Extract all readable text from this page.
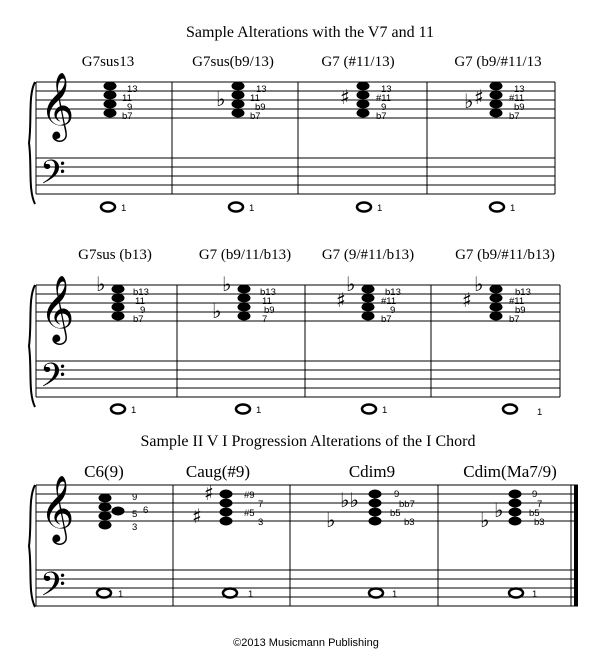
Sample Alterations with the V7 and 11
G7sus13	G7sus(b9/13)	G7 (#11/13)	G7 (b9/#11/13
𝄞
𝄢
13
11
9
b7
1
♭	13
11
b9
b7
1
♯	13
#11
9
b7
1
♭ ♯	13
#11
b9
b7
1
G7sus (b13)	G7 (b9/11/b13) G7 (9/#11/b13)	G7 (b9/#11/b13)
𝄞
𝄢
♭	b13
11
9
b7
1
♭
♭	b13
11
b9
7
1
♯
♭	b13
#11
9
b7
1
♯
♭	b13
#11
b9
b7
1
Sample II V I Progression Alterations of the I Chord
C6(9)	Caug(#9)	Cdim9	Cdim(Ma7/9)
𝄞
𝄢
9
5 6
3
1
♯
♯
#9
7
#5
3
1
♭
♭♭	9
bb7
b5
b3
1
♭ ♭
9
7
b5
b3
1
©2013 Musicmann Publishing
